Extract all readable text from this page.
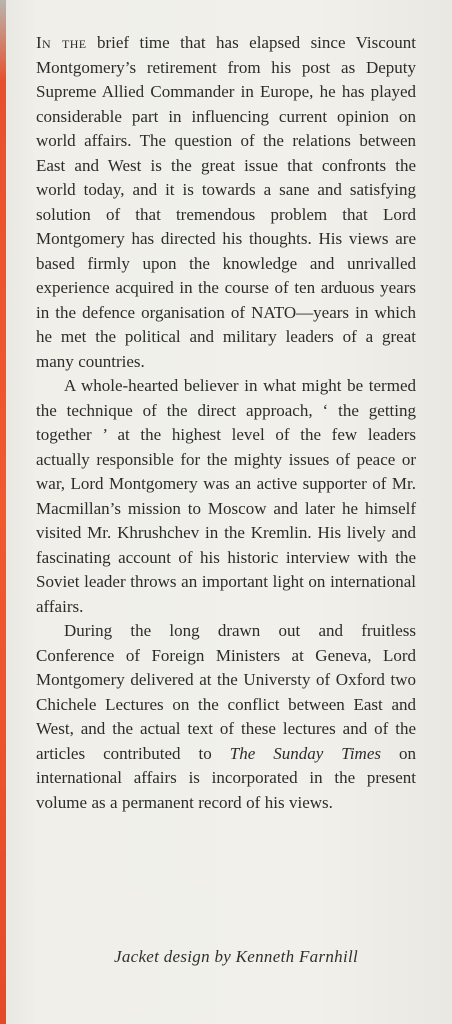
In the brief time that has elapsed since Viscount Montgomery’s retirement from his post as Deputy Supreme Allied Commander in Europe, he has played considerable part in influencing current opinion on world affairs. The question of the relations between East and West is the great issue that confronts the world today, and it is towards a sane and satisfying solution of that tremendous problem that Lord Montgomery has directed his thoughts. His views are based firmly upon the knowledge and unrivalled experience acquired in the course of ten arduous years in the defence organisation of NATO—years in which he met the political and military leaders of a great many countries.

A whole-hearted believer in what might be termed the technique of the direct approach, ‘ the getting together ’ at the highest level of the few leaders actually responsible for the mighty issues of peace or war, Lord Montgomery was an active supporter of Mr. Macmillan’s mission to Moscow and later he himself visited Mr. Khrushchev in the Kremlin. His lively and fascinating account of his historic interview with the Soviet leader throws an important light on international affairs.

During the long drawn out and fruitless Conference of Foreign Ministers at Geneva, Lord Montgomery delivered at the Universty of Oxford two Chichele Lectures on the conflict between East and West, and the actual text of these lectures and of the articles contributed to The Sunday Times on international affairs is incorporated in the present volume as a permanent record of his views.

Jacket design by Kenneth Farnhill
